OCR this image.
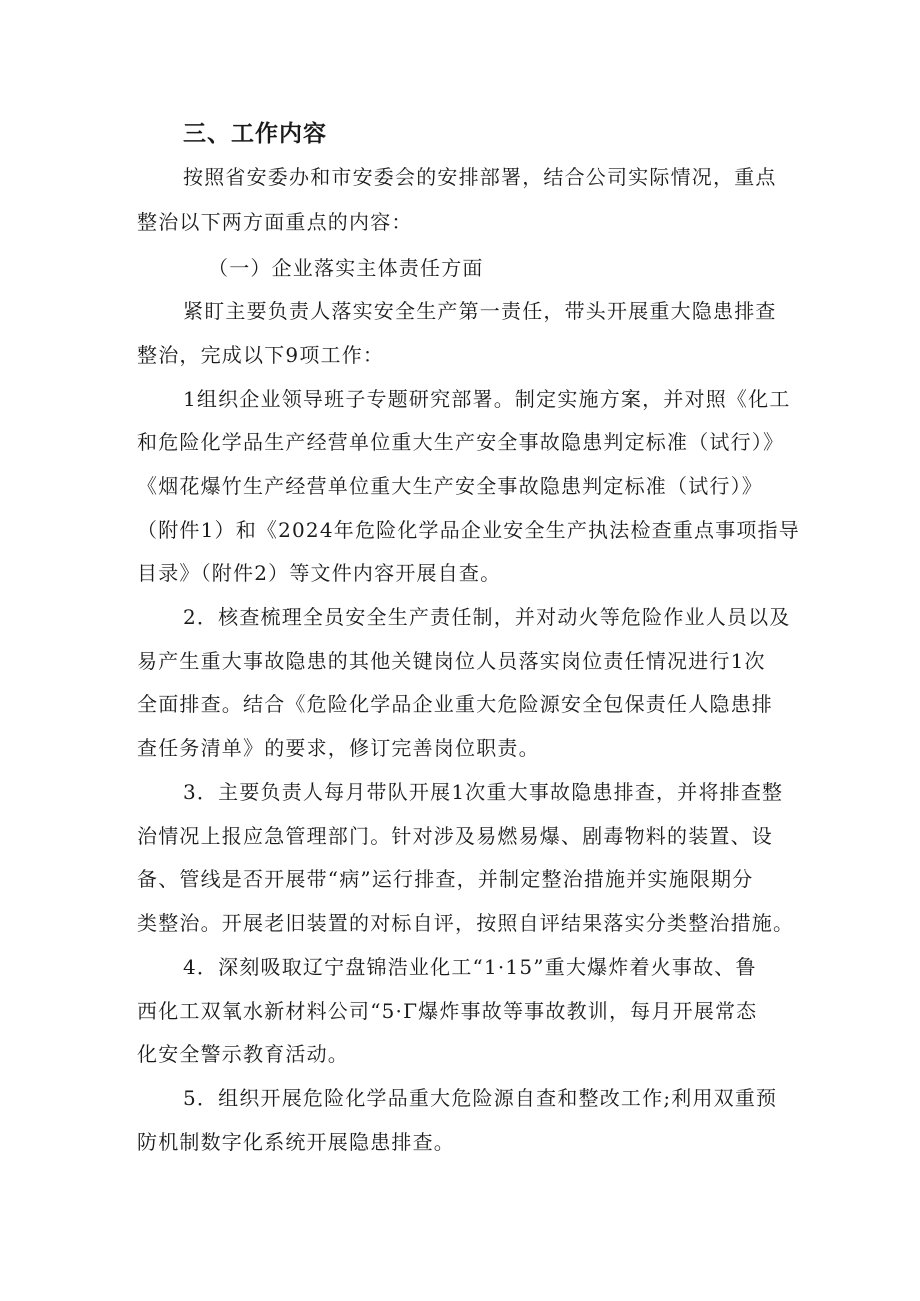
三、工作内容
按照省安委办和市安委会的安排部署，结合公司实际情况，重点
整治以下两方面重点的内容：
（一）企业落实主体责任方面
紧盯主要负责人落实安全生产第一责任，带头开展重大隐患排查
整治，完成以下9项工作：
1组织企业领导班子专题研究部署。制定实施方案，并对照《化工
和危险化学品生产经营单位重大生产安全事故隐患判定标准（试行）》
《烟花爆竹生产经营单位重大生产安全事故隐患判定标准（试行）》
（附件1）和《2024年危险化学品企业安全生产执法检查重点事项指导
目录》（附件2）等文件内容开展自查。
2．核查梳理全员安全生产责任制，并对动火等危险作业人员以及
易产生重大事故隐患的其他关键岗位人员落实岗位责任情况进行1次
全面排查。结合《危险化学品企业重大危险源安全包保责任人隐患排
查任务清单》的要求，修订完善岗位职责。
3．主要负责人每月带队开展1次重大事故隐患排查，并将排查整
治情况上报应急管理部门。针对涉及易燃易爆、剧毒物料的装置、设
备、管线是否开展带“病”运行排查，并制定整治措施并实施限期分
类整治。开展老旧装置的对标自评，按照自评结果落实分类整治措施。
4．深刻吸取辽宁盘锦浩业化工“1·15”重大爆炸着火事故、鲁
西化工双氧水新材料公司“5·Γ爆炸事故等事故教训，每月开展常态
化安全警示教育活动。
5．组织开展危险化学品重大危险源自查和整改工作;利用双重预
防机制数字化系统开展隐患排查。
